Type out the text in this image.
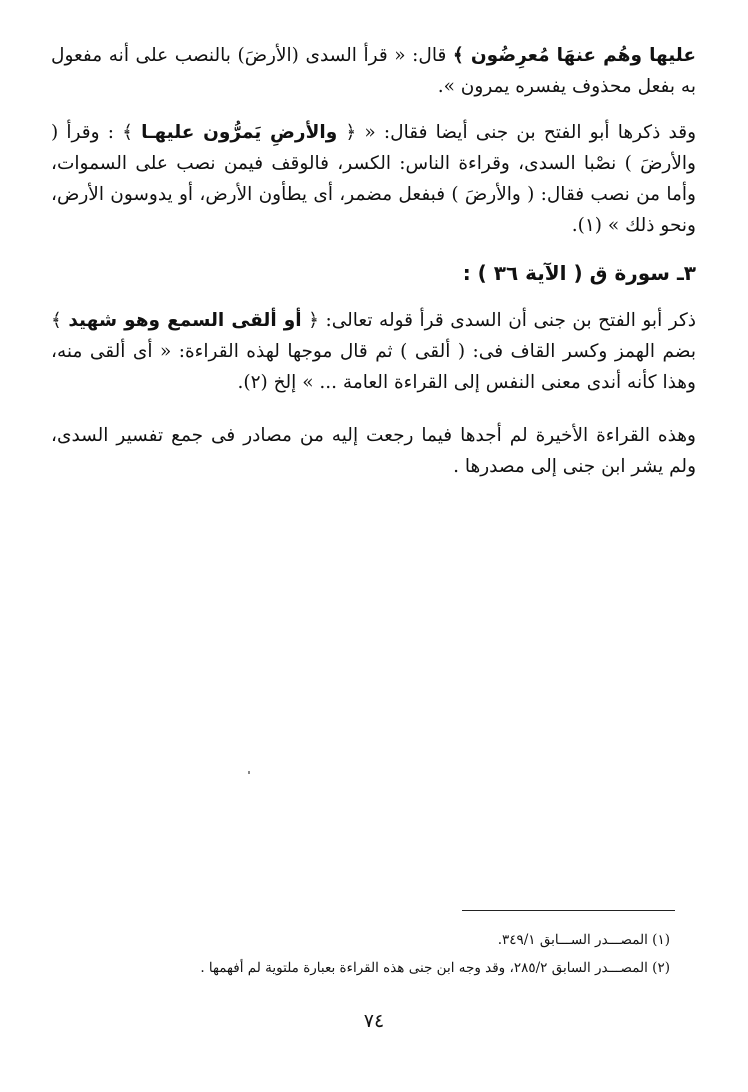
عليها وهُم عنهَا مُعرِضُون ﴾ قال: « قرأ السدى (الأرضَ) بالنصب على أنه مفعول به بفعل محذوف يفسره يمرون ».

وقد ذكرها أبو الفتح بن جنى أيضا فقال: « ﴿ والأرضِ يَمرُّون عليهـا ﴾ : وقرأ ( والأرضَ ) نصْبا السدى، وقراءة الناس: الكسر، فالوقف فيمن نصب على السموات، وأما من نصب فقال: ( والأرضَ ) فبفعل مضمر، أى يطأون الأرض، أو يدوسون الأرض، ونحو ذلك » (١).

٣ـ سورة ق ( الآية ٣٦ ) :

ذكر أبو الفتح بن جنى أن السدى قرأ قوله تعالى: ﴿ أو ألقى السمع وهو شهيد ﴾ بضم الهمز وكسر القاف فى: ( ألقى ) ثم قال موجها لهذه القراءة: « أى ألقى منه، وهذا كأنه أندى معنى النفس إلى القراءة العامة ... » إلخ (٢).

وهذه القراءة الأخيرة لم أجدها فيما رجعت إليه من مصادر فى جمع تفسير السدى، ولم يشر ابن جنى إلى مصدرها .

(١) المصـــدر الســـابق ٣٤٩/١.

(٢) المصـــدر السابق ٢٨٥/٢، وقد وجه ابن جنى هذه القراءة بعبارة ملتوية لم أفهمها .

٧٤
